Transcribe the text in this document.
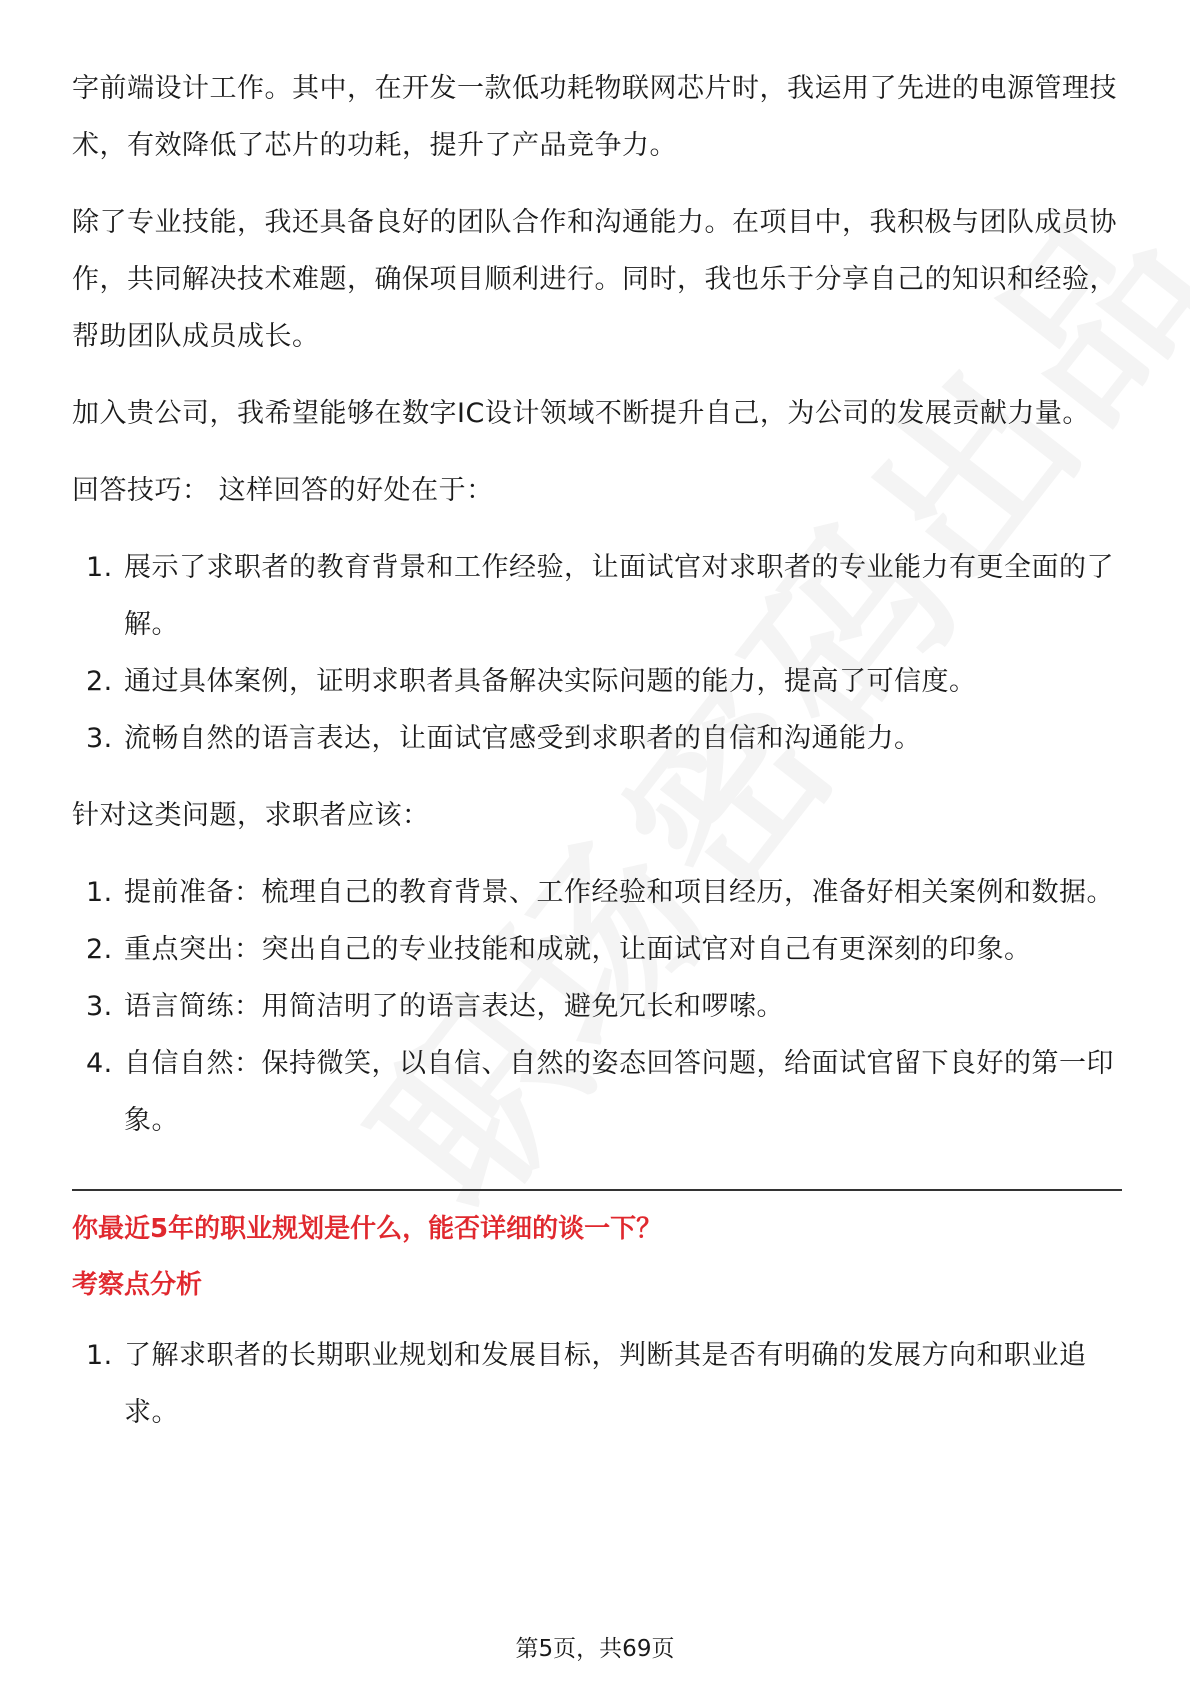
字前端设计工作。其中，在开发一款低功耗物联网芯片时，我运用了先进的电源管理技术，有效降低了芯片的功耗，提升了产品竞争力。

除了专业技能，我还具备良好的团队合作和沟通能力。在项目中，我积极与团队成员协作，共同解决技术难题，确保项目顺利进行。同时，我也乐于分享自己的知识和经验，帮助团队成员成长。

加入贵公司，我希望能够在数字IC设计领域不断提升自己，为公司的发展贡献力量。

回答技巧： 这样回答的好处在于：

1. 展示了求职者的教育背景和工作经验，让面试官对求职者的专业能力有更全面的了解。
2. 通过具体案例，证明求职者具备解决实际问题的能力，提高了可信度。
3. 流畅自然的语言表达，让面试官感受到求职者的自信和沟通能力。

针对这类问题，求职者应该：

1. 提前准备：梳理自己的教育背景、工作经验和项目经历，准备好相关案例和数据。
2. 重点突出：突出自己的专业技能和成就，让面试官对自己有更深刻的印象。
3. 语言简练：用简洁明了的语言表达，避免冗长和啰嗦。
4. 自信自然：保持微笑，以自信、自然的姿态回答问题，给面试官留下良好的第一印象。

你最近5年的职业规划是什么，能否详细的谈一下？

考察点分析

1. 了解求职者的长期职业规划和发展目标，判断其是否有明确的发展方向和职业追求。
第5页，共69页
